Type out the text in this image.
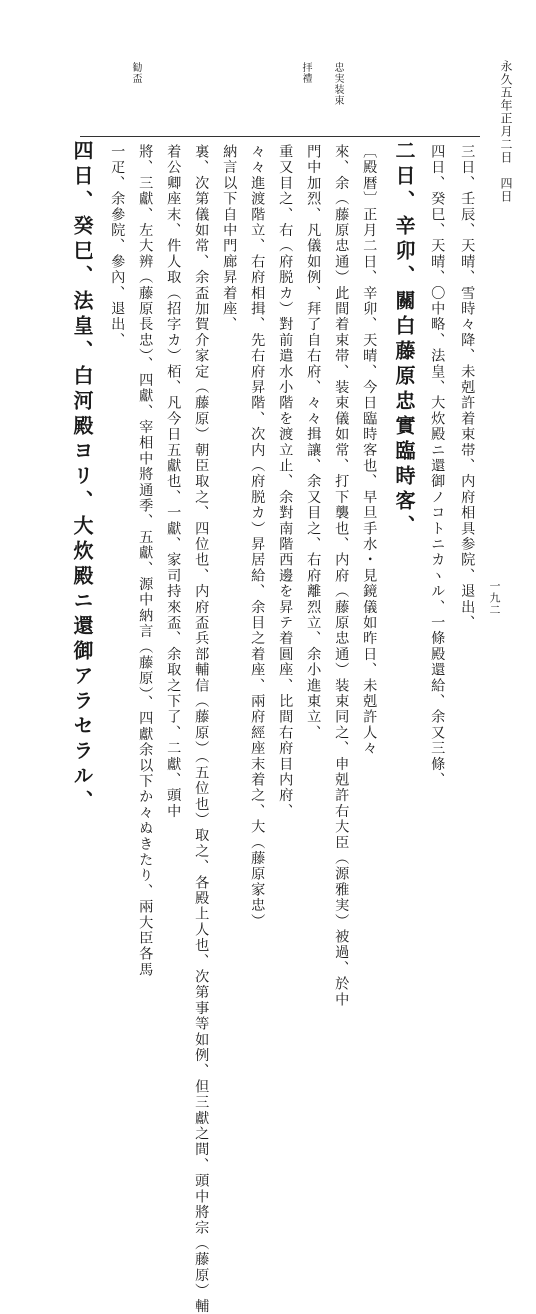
永久五年正月二日　四日
一九二
忠実装束
拝禮
勧盃
三日、壬辰、天晴、雪時々降、未剋許着束帯、内府相具参院、退出、
四日、癸巳、天晴、〇中略、法皇、大炊殿ニ還御ノコトニカヽル、一條殿還給、余又三條、
二日、辛卯、關白藤原忠實臨時客、
〔殿暦〕正月二日、辛卯、天晴、今日臨時客也、早旦手水・見鏡儀如昨日、未剋許人々
來、余（藤原忠通）此間着束帯、装束儀如常、打下襲也、内府（藤原忠通）装束同之、申剋許右大臣（源雅実）被過、於中
門中加烈、凡儀如例、拜了自右府、々々揖讓、余又目之、右府離烈立、余小進東立、
重又目之、右（府脱カ）對前遣水小階を渡立止、余對南階西邊を昇テ着圓座、比間右府目内府、
々々進渡階立、右府相揖、先右府昇階、次内（府脱カ）昇居給、余目之着座、兩府經座末着之、大（藤原家忠）
納言以下自中門廊昇着座、
裏、次第儀如常、余盃加賀介家定（藤原）朝臣取之、四位也、内府盃兵部輔信（藤原）（五位也）取之、各殿上人也、次第事等如例、但三獻之間、頭中將宗（藤原）輔
着公卿座末、件人取（招字カ）栢、凡今日五獻也、一獻、家司持來盃、余取之下了、二獻、頭中
將、三獻、左大辨（藤原長忠）、四獻、宰相中將通季、五獻、源中納言（藤原）、四獻余以下か々ぬきたり、兩大臣各馬
一疋、余參院、參內、退出、
四日、癸巳、法皇、白河殿ヨリ、大炊殿ニ還御アラセラル、
